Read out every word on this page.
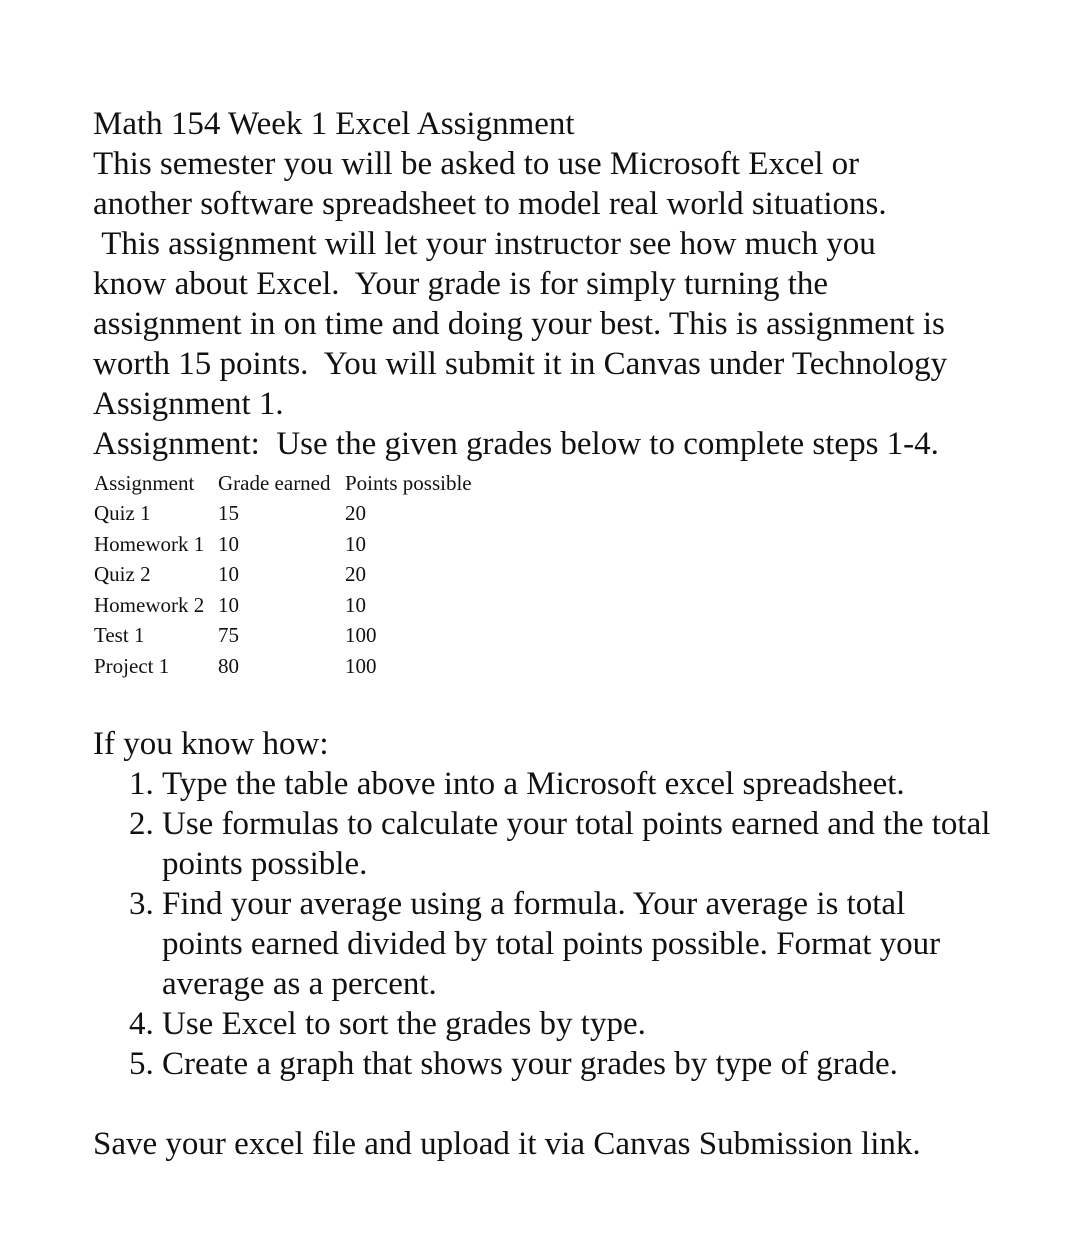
Math 154 Week 1 Excel Assignment

This semester you will be asked to use Microsoft Excel or

another software spreadsheet to model real world situations.

This assignment will let your instructor see how much you

know about Excel.  Your grade is for simply turning the

assignment in on time and doing your best. This is assignment is

worth 15 points.  You will submit it in Canvas under Technology

Assignment 1.

Assignment:  Use the given grades below to complete steps 1-4.

Assignment	Grade earned	Points possible
Quiz 1	15	20
Homework 1	10	10
Quiz 2	10	20
Homework 2	10	10
Test 1	75	100
Project 1	80	100

If you know how:

1. Type the table above into a Microsoft excel spreadsheet.
2. Use formulas to calculate your total points earned and the total points possible.
3. Find your average using a formula. Your average is total points earned divided by total points possible. Format your average as a percent.
4. Use Excel to sort the grades by type.
5. Create a graph that shows your grades by type of grade.

Save your excel file and upload it via Canvas Submission link.
